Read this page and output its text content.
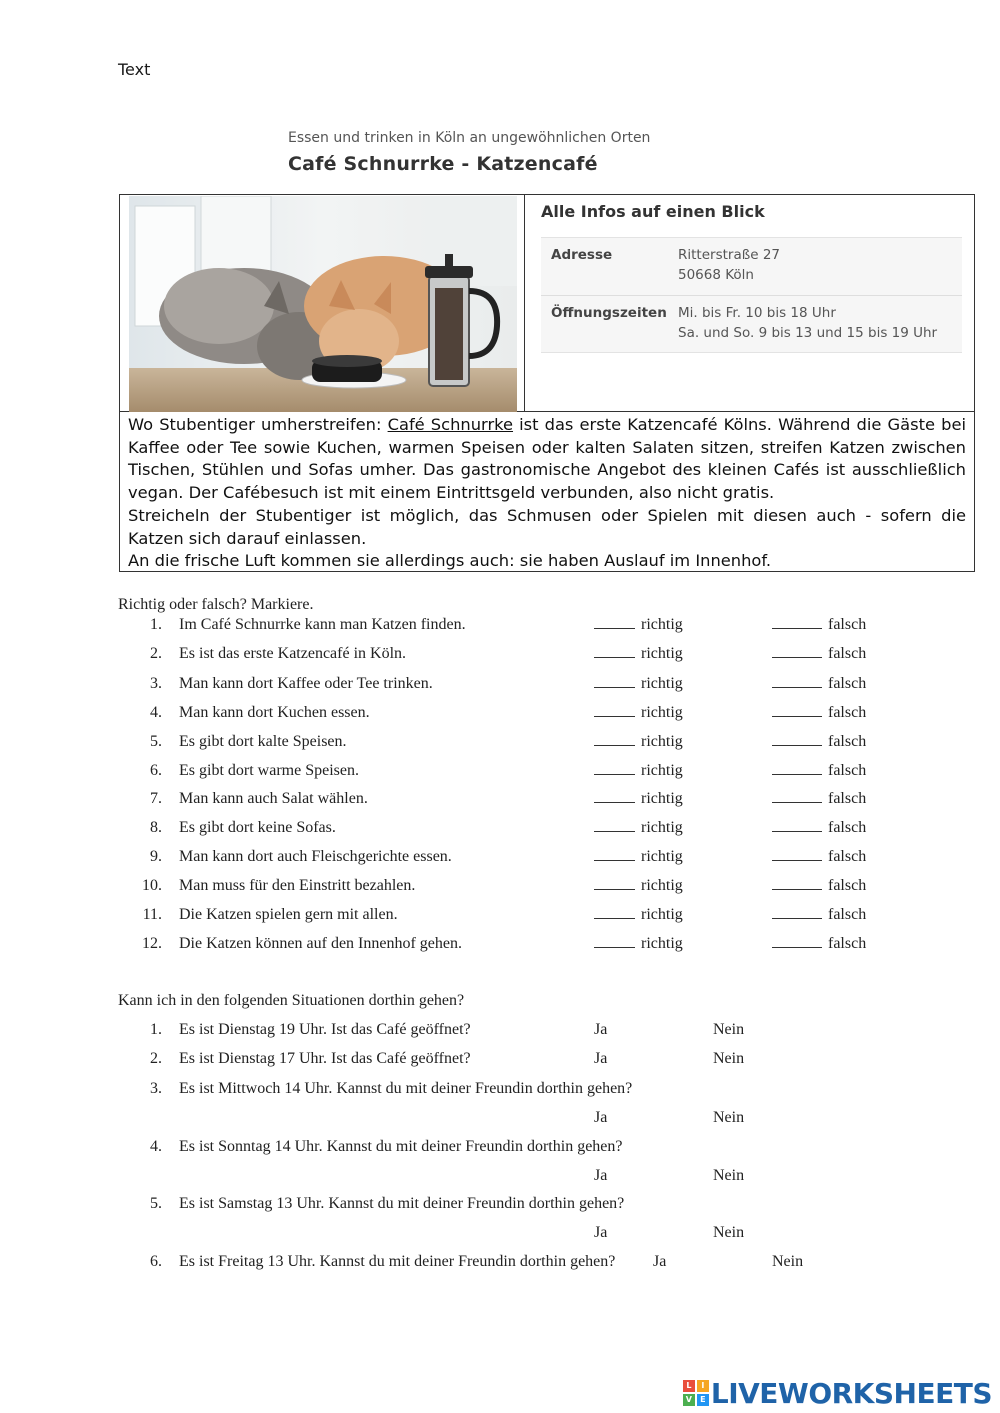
Text
Essen und trinken in Köln an ungewöhnlichen Orten
Café Schnurrke - Katzencafé
Alle Infos auf einen Blick
Adresse	Ritterstraße 27
50668 Köln
Öffnungszeiten Mi. bis Fr. 10 bis 18 Uhr
Sa. und So. 9 bis 13 und 15 bis 19 Uhr

Wo Stubentiger umherstreifen: Café Schnurrke ist das erste Katzencafé Kölns. Während die Gäste bei Kaffee oder Tee sowie Kuchen, warmen Speisen oder kalten Salaten sitzen, streifen Katzen zwischen Tischen, Stühlen und Sofas umher. Das gastronomische Angebot des kleinen Cafés ist ausschließlich vegan. Der Cafébesuch ist mit einem Eintrittsgeld verbunden, also nicht gratis.

Streicheln der Stubentiger ist möglich, das Schmusen oder Spielen mit diesen auch - sofern die Katzen sich darauf einlassen.

An die frische Luft kommen sie allerdings auch: sie haben Auslauf im Innenhof.

Richtig oder falsch? Markiere.
1. Im Café Schnurrke kann man Katzen finden.	richtig	falsch
2. Es ist das erste Katzencafé in Köln.	richtig	falsch
3. Man kann dort Kaffee oder Tee trinken.	richtig	falsch
4. Man kann dort Kuchen essen.	richtig	falsch
5. Es gibt dort kalte Speisen.	richtig	falsch
6. Es gibt dort warme Speisen.	richtig	falsch
7. Man kann auch Salat wählen.	richtig	falsch
8. Es gibt dort keine Sofas.	richtig	falsch
9. Man kann dort auch Fleischgerichte essen.	richtig	falsch
10. Man muss für den Einstritt bezahlen.	richtig	falsch
11. Die Katzen spielen gern mit allen.	richtig	falsch
12. Die Katzen können auf den Innenhof gehen.	richtig	falsch
Kann ich in den folgenden Situationen dorthin gehen?
1. Es ist Dienstag 19 Uhr. Ist das Café geöffnet?	Ja	Nein
2. Es ist Dienstag 17 Uhr. Ist das Café geöffnet?	Ja	Nein
3. Es ist Mittwoch 14 Uhr. Kannst du mit deiner Freundin dorthin gehen?
Ja	Nein
4. Es ist Sonntag 14 Uhr. Kannst du mit deiner Freundin dorthin gehen?
Ja	Nein
5. Es ist Samstag 13 Uhr. Kannst du mit deiner Freundin dorthin gehen?
Ja	Nein
6. Es ist Freitag 13 Uhr. Kannst du mit deiner Freundin dorthin gehen? Ja	Nein
L	I
V	E LIVEWORKSHEETS
